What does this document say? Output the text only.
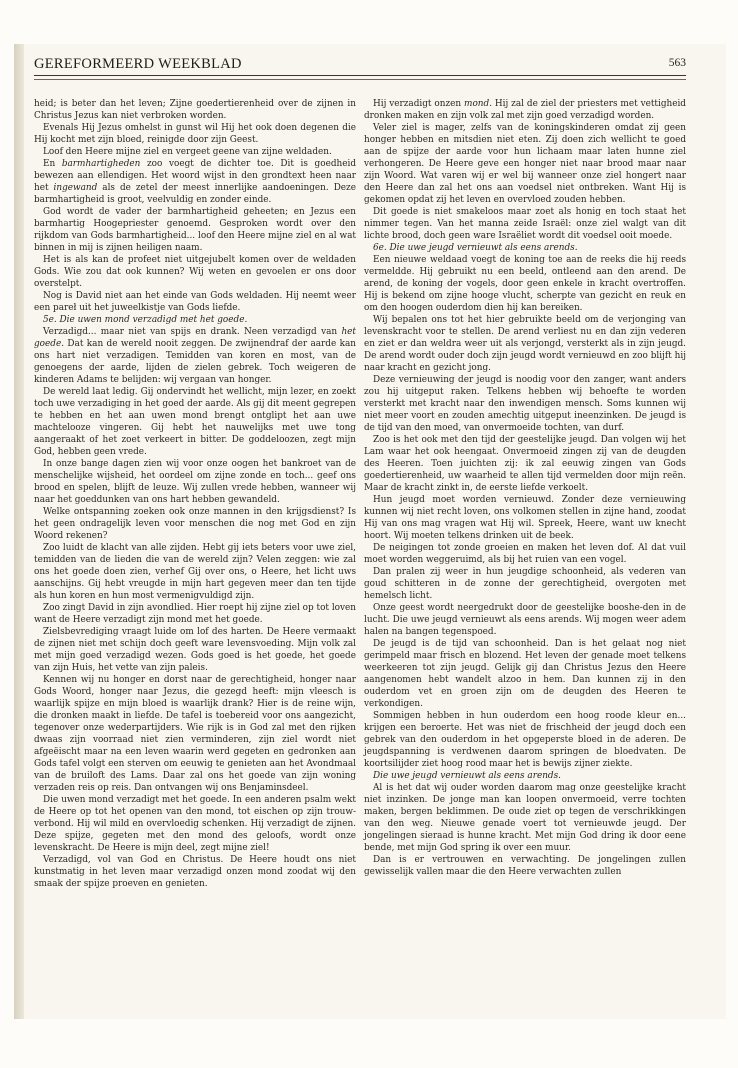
GEREFORMEERD WEEKBLAD	563

heid; is beter dan het leven; Zijne goedertierenheid over de zijnen in Christus Jezus kan niet verbroken worden.

Evenals Hij Jezus omhelst in gunst wil Hij het ook doen degenen die Hij kocht met zijn bloed, reinigde door zijn Geest.

Loof den Heere mijne ziel en vergeet geene van zijne weldaden.

En barmhartigheden zoo voegt de dichter toe. Dit is goedheid bewezen aan ellendigen. Het woord wijst in den grondtext heen naar het ingewand als de zetel der meest innerlijke aandoeningen. Deze barmhartigheid is groot, veelvuldig en zonder einde.

God wordt de vader der barmhartigheid geheeten; en Jezus een barmhartig Hoogepriester genoemd. Gesproken wordt over den rijkdom van Gods barmhartigheid... loof den Heere mijne ziel en al wat binnen in mij is zijnen heiligen naam.

Het is als kan de profeet niet uitgejubelt komen over de weldaden Gods. Wie zou dat ook kunnen? Wij weten en gevoelen er ons door overstelpt.

Nog is David niet aan het einde van Gods weldaden. Hij neemt weer een pareł uit het juweelkistje van Gods liefde.

5e. Die uwen mond verzadigd met het goede.

Verzadigd... maar niet van spijs en drank. Neen verzadigd van het goede. Dat kan de wereld nooit zeggen. De zwijnendraf der aarde kan ons hart niet verzadigen. Temidden van koren en most, van de genoegens der aarde, lijden de zielen gebrek. Toch weigeren de kinderen Adams te belijden: wij vergaan van honger.

De wereld laat ledig. Gij ondervindt het wellicht, mijn lezer, en zoekt toch uwe verzadiging in het goed der aarde. Als gij dit meent gegrepen te hebben en het aan uwen mond brengt ontglipt het aan uwe machtelooze vingeren. Gij hebt het nauwelijks met uwe tong aangeraakt of het zoet verkeert in bitter. De goddeloozen, zegt mijn God, hebben geen vrede.

In onze bange dagen zien wij voor onze oogen het bankroet van de menschelijke wijsheid, het oordeel om zijne zonde en toch... geef ons brood en spelen, blijft de leuze. Wij zullen vrede hebben, wanneer wij naar het goeddunken van ons hart hebben gewandeld.

Welke ontspanning zoeken ook onze mannen in den krijgsdienst? Is het geen ondragelijk leven voor menschen die nog met God en zijn Woord rekenen?

Zoo luidt de klacht van alle zijden. Hebt gij iets beters voor uwe ziel, temidden van de lieden die van de wereld zijn? Velen zeggen: wie zal ons het goede doen zien, verhef Gij over ons, o Heere, het licht uws aanschijns. Gij hebt vreugde in mijn hart gegeven meer dan ten tijde als hun koren en hun most vermenigvuldigd zijn.

Zoo zingt David in zijn avondlied. Hier roept hij zijne ziel op tot loven want de Heere verzadigt zijn mond met het goede.

Zielsbevrediging vraagt luide om lof des harten. De Heere vermaakt de zijnen niet met schijn doch geeft ware levensvoeding. Mijn volk zal met mijn goed verzadigd wezen. Gods goed is het goede, het goede van zijn Huis, het vette van zijn paleis.

Kennen wij nu honger en dorst naar de gerechtigheid, honger naar Gods Woord, honger naar Jezus, die gezegd heeft: mijn vleesch is waarlijk spijze en mijn bloed is waarlijk drank? Hier is de reine wijn, die dronken maakt in liefde. De tafel is toebereid voor ons aangezicht, tegenover onze wederpartijders. Wie rijk is in God zal met den rijken dwaas zijn voorraad niet zien verminderen, zijn ziel wordt niet afgeëischt maar na een leven waarin werd gegeten en gedronken aan Gods tafel volgt een sterven om eeuwig te genieten aan het Avondmaal van de bruiloft des Lams. Daar zal ons het goede van zijn woning verzaden reis op reis. Dan ontvangen wij ons Benjaminsdeel.

Die uwen mond verzadigt met het goede. In een anderen psalm wekt de Heere op tot het openen van den mond, tot eischen op zijn trouw-verbond. Hij wil mild en overvloedig schenken. Hij verzadigt de zijnen. Deze spijze, gegeten met den mond des geloofs, wordt onze levenskracht. De Heere is mijn deel, zegt mijne ziel!

Verzadigd, vol van God en Christus. De Heere houdt ons niet kunstmatig in het leven maar verzadigd onzen mond zoodat wij den smaak der spijze proeven en genieten.

Hij verzadigt onzen mond. Hij zal de ziel der priesters met vettigheid dronken maken en zijn volk zal met zijn goed verzadigd worden.

Veler ziel is mager, zelfs van de koningskinderen omdat zij geen honger hebben en mitsdien niet eten. Zij doen zich wellicht te goed aan de spijze der aarde voor hun lichaam maar laten hunne ziel verhongeren. De Heere geve een honger niet naar brood maar naar zijn Woord. Wat varen wij er wel bij wanneer onze ziel hongert naar den Heere dan zal het ons aan voedsel niet ontbreken. Want Hij is gekomen opdat zij het leven en overvloed zouden hebben.

Dit goede is niet smakeloos maar zoet als honig en toch staat het nimmer tegen. Van het manna zeide Israël: onze ziel walgt van dit lichte brood, doch geen ware Israëliet wordt dit voedsel ooit moede.

6e. Die uwe jeugd vernieuwt als eens arends.

Een nieuwe weldaad voegt de koning toe aan de reeks die hij reeds vermeldde. Hij gebruikt nu een beeld, ontleend aan den arend. De arend, de koning der vogels, door geen enkele in kracht overtroffen. Hij is bekend om zijne hooge vlucht, scherpte van gezicht en reuk en om den hoogen ouderdom dien hij kan bereiken.

Wij bepalen ons tot het hier gebruikte beeld om de verjonging van levenskracht voor te stellen. De arend verliest nu en dan zijn vederen en ziet er dan weldra weer uit als verjongd, versterkt als in zijn jeugd. De arend wordt ouder doch zijn jeugd wordt vernieuwd en zoo blijft hij naar kracht en gezicht jong.

Deze vernieuwing der jeugd is noodig voor den zanger, want anders zou hij uitgeput raken. Telkens hebben wij behoefte te worden versterkt met kracht naar den inwendigen mensch. Soms kunnen wij niet meer voort en zouden amechtig uitgeput ineenzinken. De jeugd is de tijd van den moed, van onvermoeide tochten, van durf.

Zoo is het ook met den tijd der geestelijke jeugd. Dan volgen wij het Lam waar het ook heengaat. Onvermoeid zingen zij van de deugden des Heeren. Toen juichten zij: ik zal eeuwig zingen van Gods goedertierenheid, uw waarheid te allen tijd vermelden door mijn reën. Maar de kracht zinkt in, de eerste liefde verkoelt.

Hun jeugd moet worden vernieuwd. Zonder deze vernieuwing kunnen wij niet recht loven, ons volkomen stellen in zijne hand, zoodat Hij van ons mag vragen wat Hij wil. Spreek, Heere, want uw knecht hoort. Wij moeten telkens drinken uit de beek.

De neigingen tot zonde groeien en maken het leven dof. Al dat vuil moet worden weggeruimd, als bij het ruien van een vogel.

Dan pralen zij weer in hun jeugdige schoonheid, als vederen van goud schitteren in de zonne der gerechtigheid, overgoten met hemelsch licht.

Onze geest wordt neergedrukt door de geestelijke booshe-den in de lucht. Die uwe jeugd vernieuwt als eens arends. Wij mogen weer adem halen na bangen tegenspoed.

De jeugd is de tijd van schoonheid. Dan is het gelaat nog niet gerimpeld maar frisch en blozend. Het leven der genade moet telkens weerkeeren tot zijn jeugd. Gelijk gij dan Christus Jezus den Heere aangenomen hebt wandelt alzoo in hem. Dan kunnen zij in den ouderdom vet en groen zijn om de deugden des Heeren te verkondigen.

Sommigen hebben in hun ouderdom een hoog roode kleur en... krijgen een beroerte. Het was niet de frischheid der jeugd doch een gebrek van den ouderdom in het opgeperste bloed in de aderen. De jeugdspanning is verdwenen daarom springen de bloedvaten. De koortsilijder ziet hoog rood maar het is bewijs zijner ziekte.

Die uwe jeugd vernieuwt als eens arends.

Al is het dat wij ouder worden daarom mag onze geestelijke kracht niet inzinken. De jonge man kan loopen onvermoeid, verre tochten maken, bergen beklimmen. De oude ziet op tegen de verschrikkingen van den weg. Nieuwe genade voert tot vernieuwde jeugd. Der jongelingen sieraad is hunne kracht. Met mijn God dring ik door eene bende, met mijn God spring ik over een muur.

Dan is er vertrouwen en verwachting. De jongelingen zullen gewisselijk vallen maar die den Heere verwachten zullen
